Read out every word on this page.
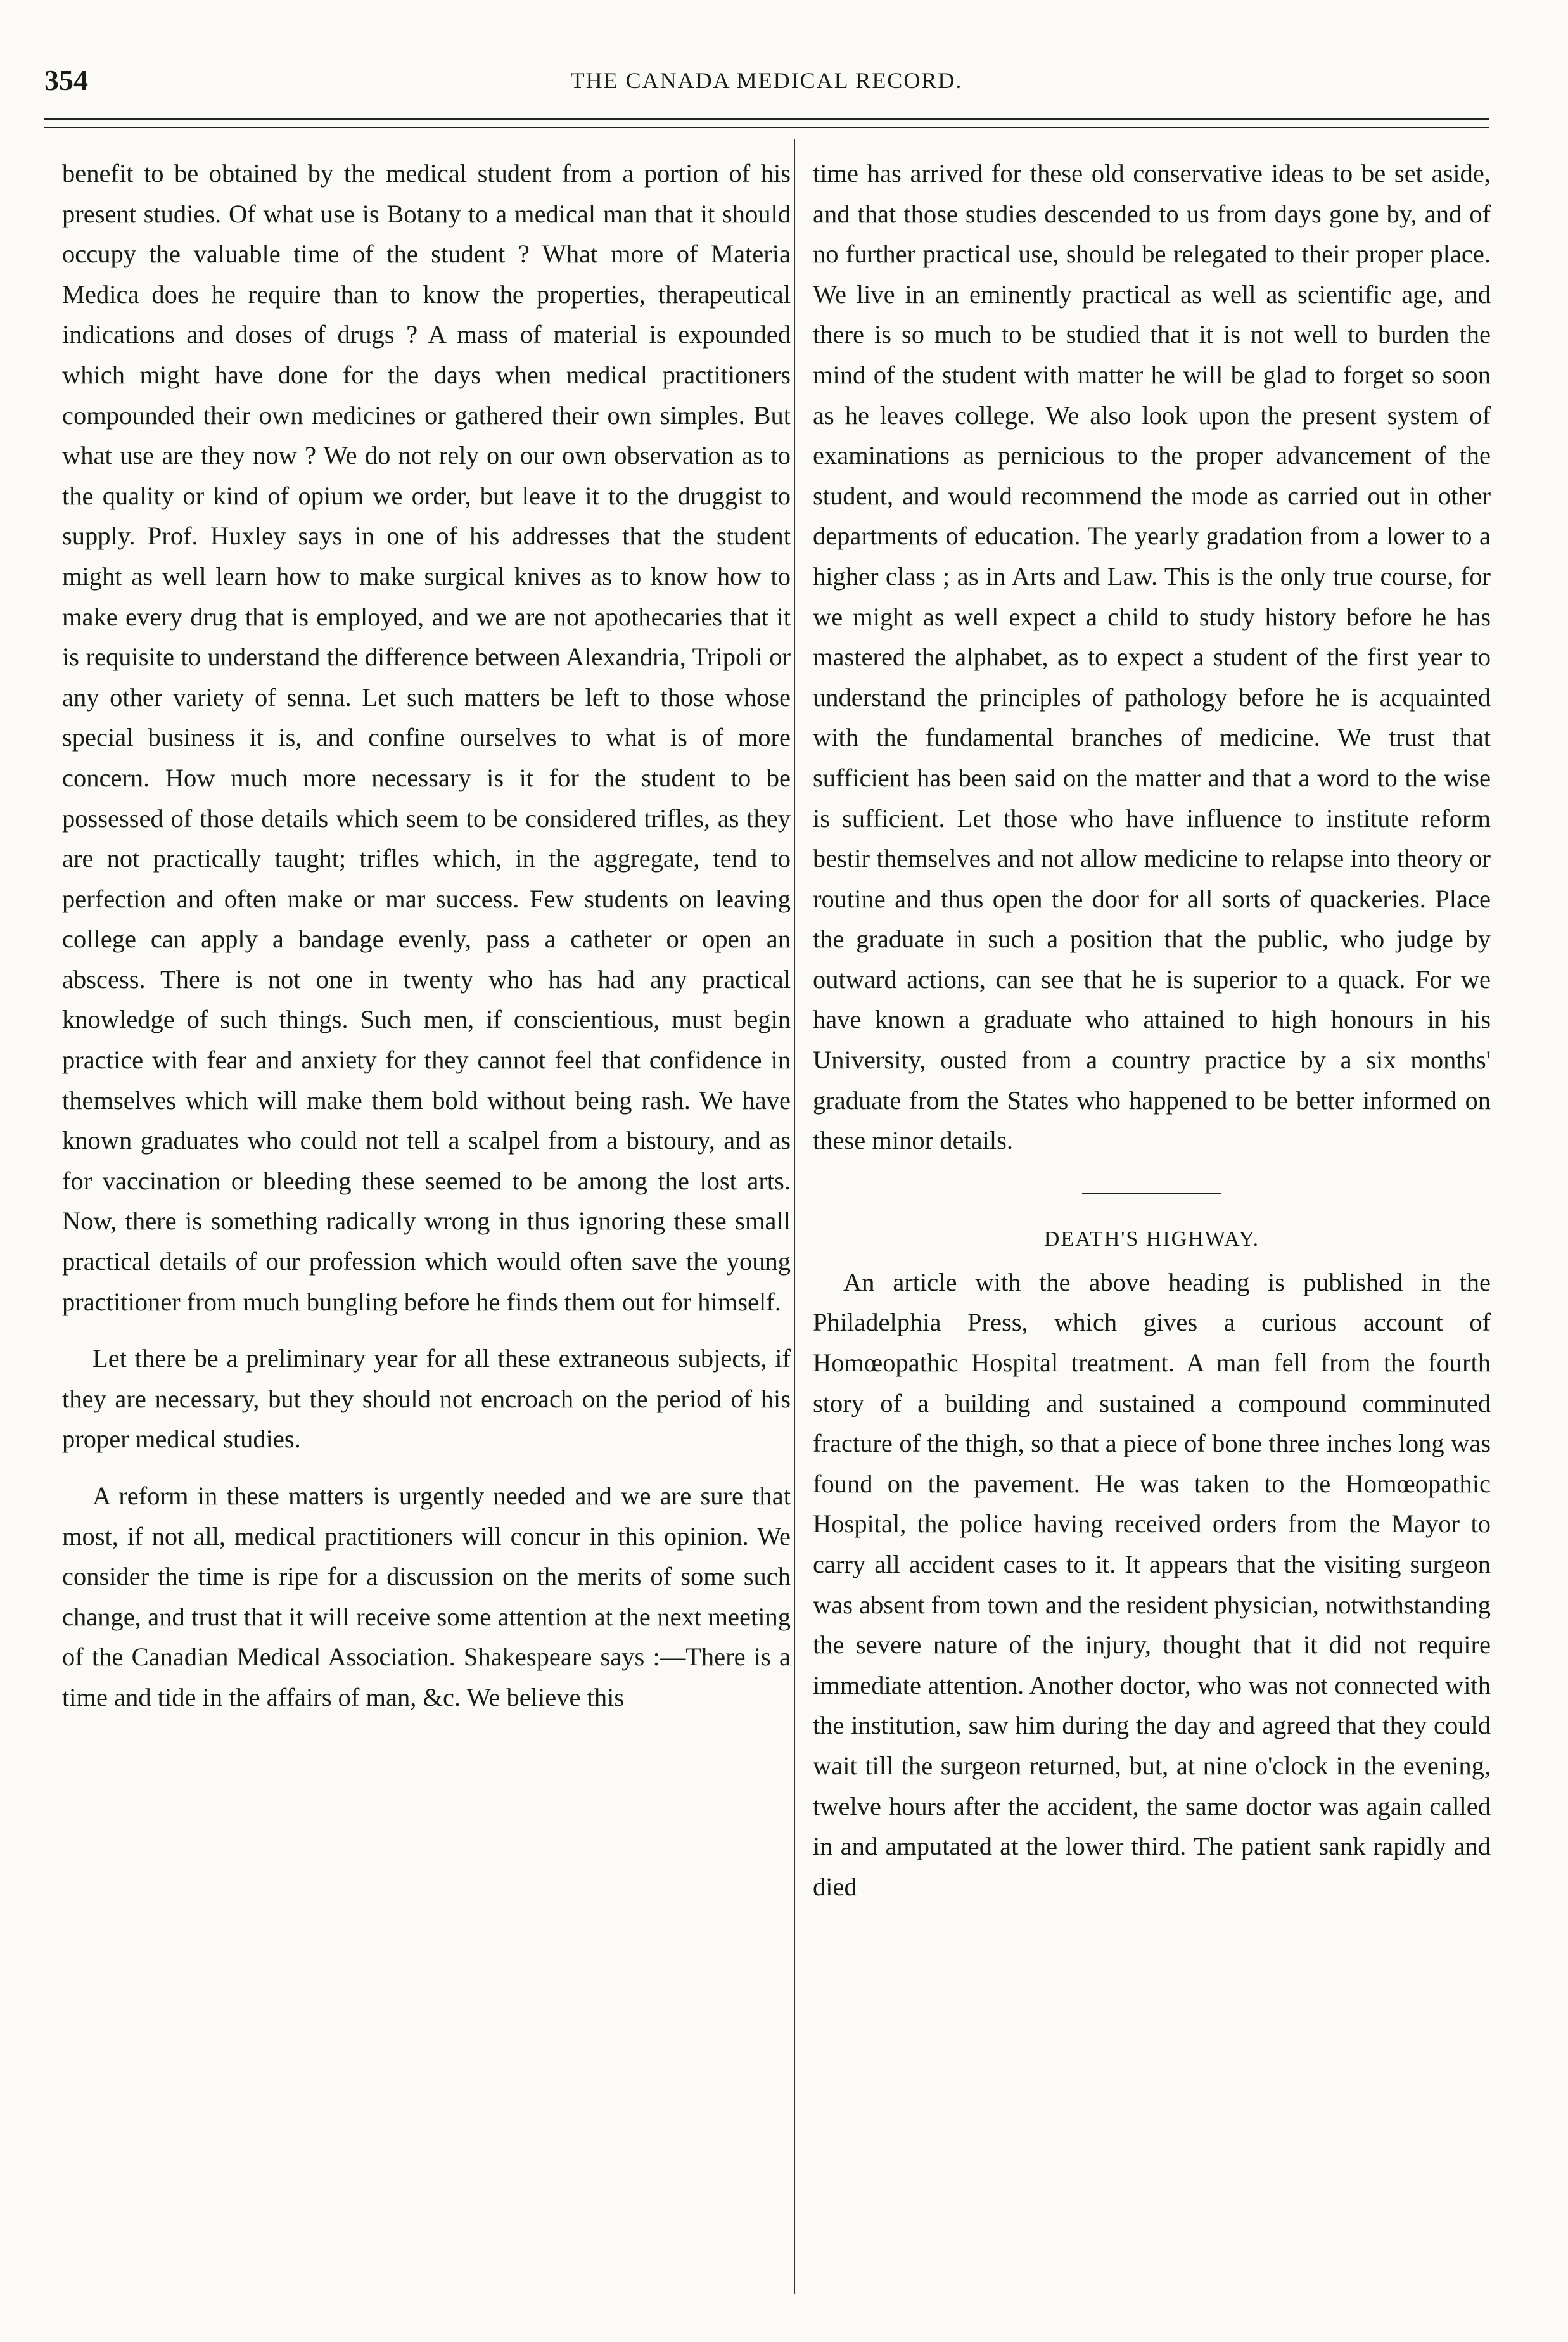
354	THE CANADA MEDICAL RECORD.

benefit to be obtained by the medical student from a portion of his present studies. Of what use is Botany to a medical man that it should occupy the valuable time of the student ? What more of Materia Medica does he require than to know the properties, therapeutical indications and doses of drugs ? A mass of material is expounded which might have done for the days when medical practitioners compounded their own medicines or gathered their own simples. But what use are they now ? We do not rely on our own observation as to the quality or kind of opium we order, but leave it to the druggist to supply. Prof. Huxley says in one of his addresses that the student might as well learn how to make surgical knives as to know how to make every drug that is employed, and we are not apothecaries that it is requisite to understand the difference between Alexandria, Tripoli or any other variety of senna. Let such matters be left to those whose special business it is, and confine ourselves to what is of more concern. How much more necessary is it for the student to be possessed of those details which seem to be considered trifles, as they are not practically taught; trifles which, in the aggregate, tend to perfection and often make or mar success. Few students on leaving college can apply a bandage evenly, pass a catheter or open an abscess. There is not one in twenty who has had any practical knowledge of such things. Such men, if conscientious, must begin practice with fear and anxiety for they cannot feel that confidence in themselves which will make them bold without being rash. We have known graduates who could not tell a scalpel from a bistoury, and as for vaccination or bleeding these seemed to be among the lost arts. Now, there is something radically wrong in thus ignoring these small practical details of our profession which would often save the young practitioner from much bungling before he finds them out for himself.

Let there be a preliminary year for all these extraneous subjects, if they are necessary, but they should not encroach on the period of his proper medical studies.

A reform in these matters is urgently needed and we are sure that most, if not all, medical practitioners will concur in this opinion. We consider the time is ripe for a discussion on the merits of some such change, and trust that it will receive some attention at the next meeting of the Canadian Medical Association. Shakespeare says :—There is a time and tide in the affairs of man, &c. We believe this

time has arrived for these old conservative ideas to be set aside, and that those studies descended to us from days gone by, and of no further practical use, should be relegated to their proper place. We live in an eminently practical as well as scientific age, and there is so much to be studied that it is not well to burden the mind of the student with matter he will be glad to forget so soon as he leaves college. We also look upon the present system of examinations as pernicious to the proper advancement of the student, and would recommend the mode as carried out in other departments of education. The yearly gradation from a lower to a higher class ; as in Arts and Law. This is the only true course, for we might as well expect a child to study history before he has mastered the alphabet, as to expect a student of the first year to understand the principles of pathology before he is acquainted with the fundamental branches of medicine. We trust that sufficient has been said on the matter and that a word to the wise is sufficient. Let those who have influence to institute reform bestir themselves and not allow medicine to relapse into theory or routine and thus open the door for all sorts of quackeries. Place the graduate in such a position that the public, who judge by outward actions, can see that he is superior to a quack. For we have known a graduate who attained to high honours in his University, ousted from a country practice by a six months' graduate from the States who happened to be better informed on these minor details.

DEATH'S HIGHWAY.

An article with the above heading is published in the Philadelphia Press, which gives a curious account of Homœopathic Hospital treatment. A man fell from the fourth story of a building and sustained a compound comminuted fracture of the thigh, so that a piece of bone three inches long was found on the pavement. He was taken to the Homœopathic Hospital, the police having received orders from the Mayor to carry all accident cases to it. It appears that the visiting surgeon was absent from town and the resident physician, notwithstanding the severe nature of the injury, thought that it did not require immediate attention. Another doctor, who was not connected with the institution, saw him during the day and agreed that they could wait till the surgeon returned, but, at nine o'clock in the evening, twelve hours after the accident, the same doctor was again called in and amputated at the lower third. The patient sank rapidly and died
